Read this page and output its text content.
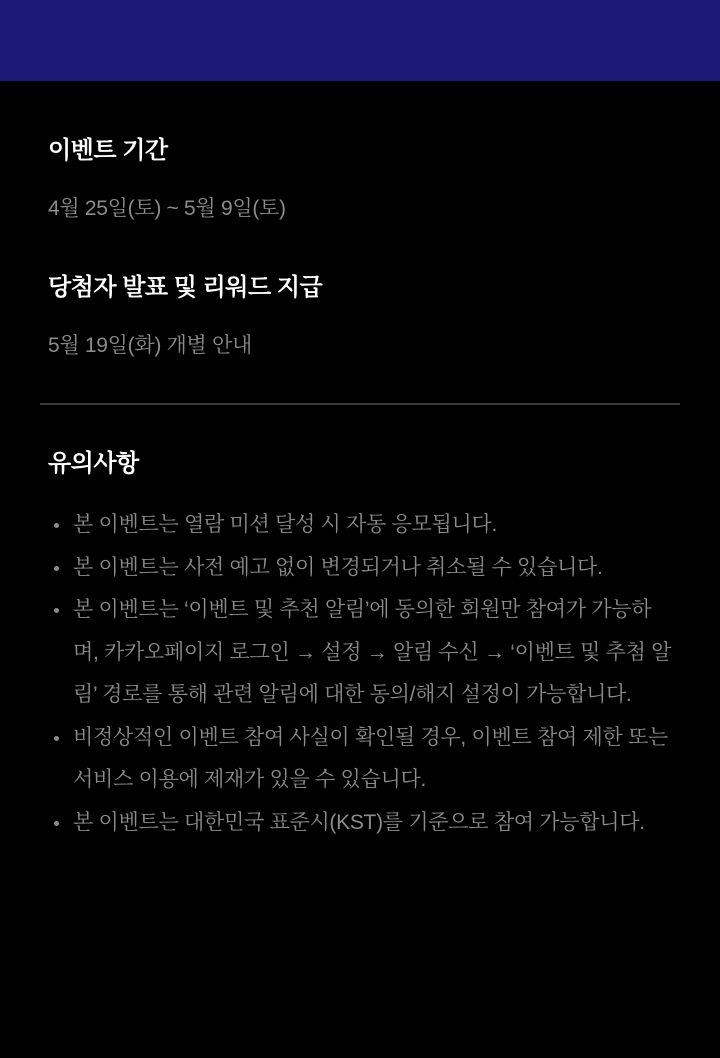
이벤트 기간

4월 25일(토) ~ 5월 9일(토)

당첨자 발표 및 리워드 지급

5월 19일(화) 개별 안내

유의사항
본 이벤트는 열람 미션 달성 시 자동 응모됩니다.
본 이벤트는 사전 예고 없이 변경되거나 취소될 수 있습니다.
본 이벤트는 ‘이벤트 및 추천 알림’에 동의한 회원만 참여가 가능하며, 카카오페이지 로그인 → 설정 → 알림 수신 → ‘이벤트 및 추첨 알림’ 경로를 통해 관련 알림에 대한 동의/해지 설정이 가능합니다.
비정상적인 이벤트 참여 사실이 확인될 경우, 이벤트 참여 제한 또는 서비스 이용에 제재가 있을 수 있습니다.
본 이벤트는 대한민국 표준시(KST)를 기준으로 참여 가능합니다.
